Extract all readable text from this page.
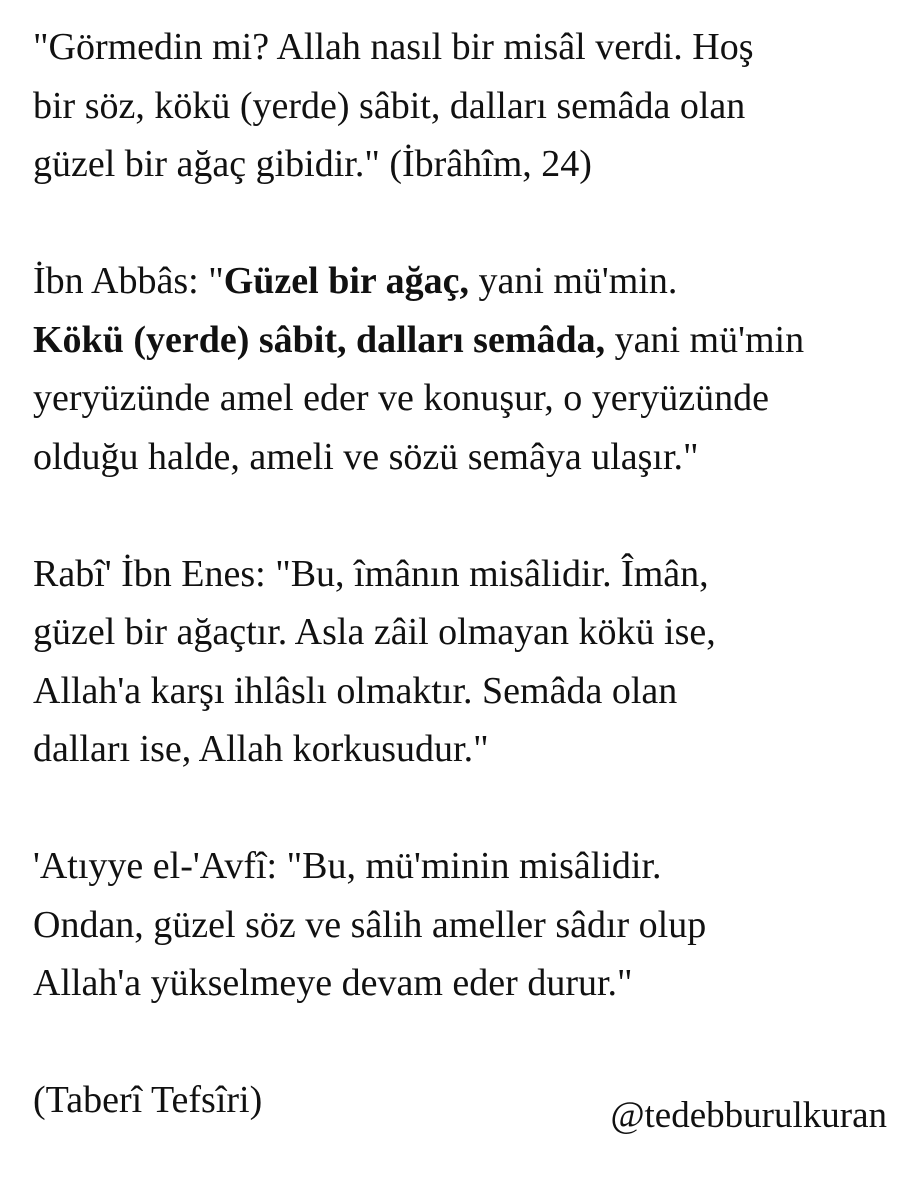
"Görmedin mi? Allah nasıl bir misâl verdi. Hoş
bir söz, kökü (yerde) sâbit, dalları semâda olan
güzel bir ağaç gibidir." (İbrâhîm, 24)
İbn Abbâs: "Güzel bir ağaç, yani mü'min.
Kökü (yerde) sâbit, dalları semâda, yani mü'min
yeryüzünde amel eder ve konuşur, o yeryüzünde
olduğu halde, ameli ve sözü semâya ulaşır."
Rabî' İbn Enes: "Bu, îmânın misâlidir. Îmân,
güzel bir ağaçtır. Asla zâil olmayan kökü ise,
Allah'a karşı ihlâslı olmaktır. Semâda olan
dalları ise, Allah korkusudur."
'Atıyye el-'Avfî: "Bu, mü'minin misâlidir.
Ondan, güzel söz ve sâlih ameller sâdır olup
Allah'a yükselmeye devam eder durur."
(Taberî Tefsîri)	@tedebburulkuran
